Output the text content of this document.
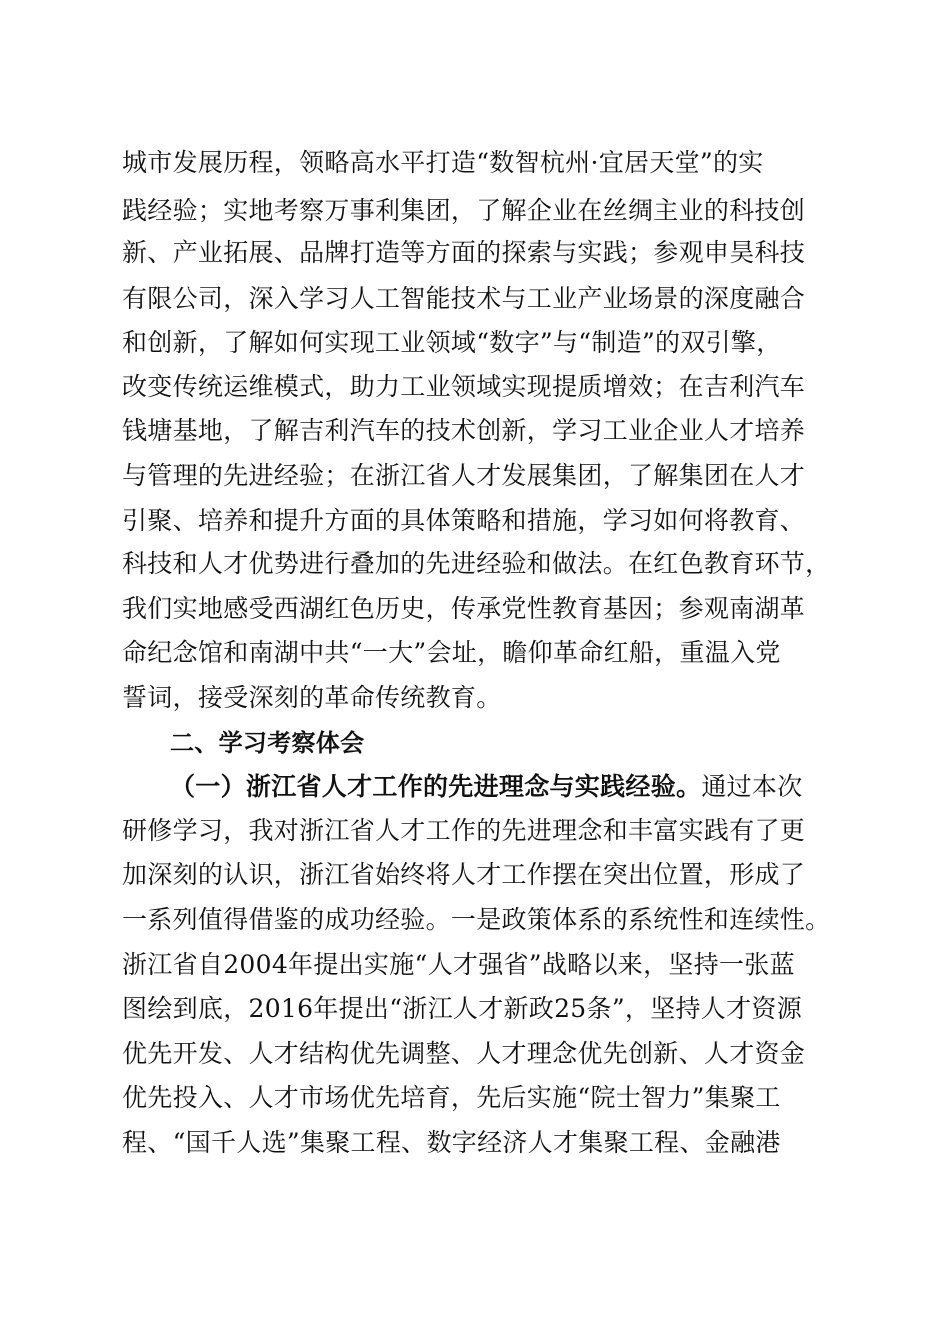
城市发展历程，领略高水平打造“数智杭州·宜居天堂”的实
践经验；实地考察万事利集团，了解企业在丝绸主业的科技创
新、产业拓展、品牌打造等方面的探索与实践；参观申昊科技
有限公司，深入学习人工智能技术与工业产业场景的深度融合
和创新，了解如何实现工业领域“数字”与“制造”的双引擎，
改变传统运维模式，助力工业领域实现提质增效；在吉利汽车
钱塘基地，了解吉利汽车的技术创新，学习工业企业人才培养
与管理的先进经验；在浙江省人才发展集团，了解集团在人才
引聚、培养和提升方面的具体策略和措施，学习如何将教育、
科技和人才优势进行叠加的先进经验和做法。在红色教育环节，
我们实地感受西湖红色历史，传承党性教育基因；参观南湖革
命纪念馆和南湖中共“一大”会址，瞻仰革命红船，重温入党
誓词，接受深刻的革命传统教育。
二、学习考察体会
（一）浙江省人才工作的先进理念与实践经验。通过本次
研修学习，我对浙江省人才工作的先进理念和丰富实践有了更
加深刻的认识，浙江省始终将人才工作摆在突出位置，形成了
一系列值得借鉴的成功经验。一是政策体系的系统性和连续性。
浙江省自2004年提出实施“人才强省”战略以来，坚持一张蓝
图绘到底，2016年提出“浙江人才新政25条”，坚持人才资源
优先开发、人才结构优先调整、人才理念优先创新、人才资金
优先投入、人才市场优先培育，先后实施“院士智力”集聚工
程、“国千人选”集聚工程、数字经济人才集聚工程、金融港
